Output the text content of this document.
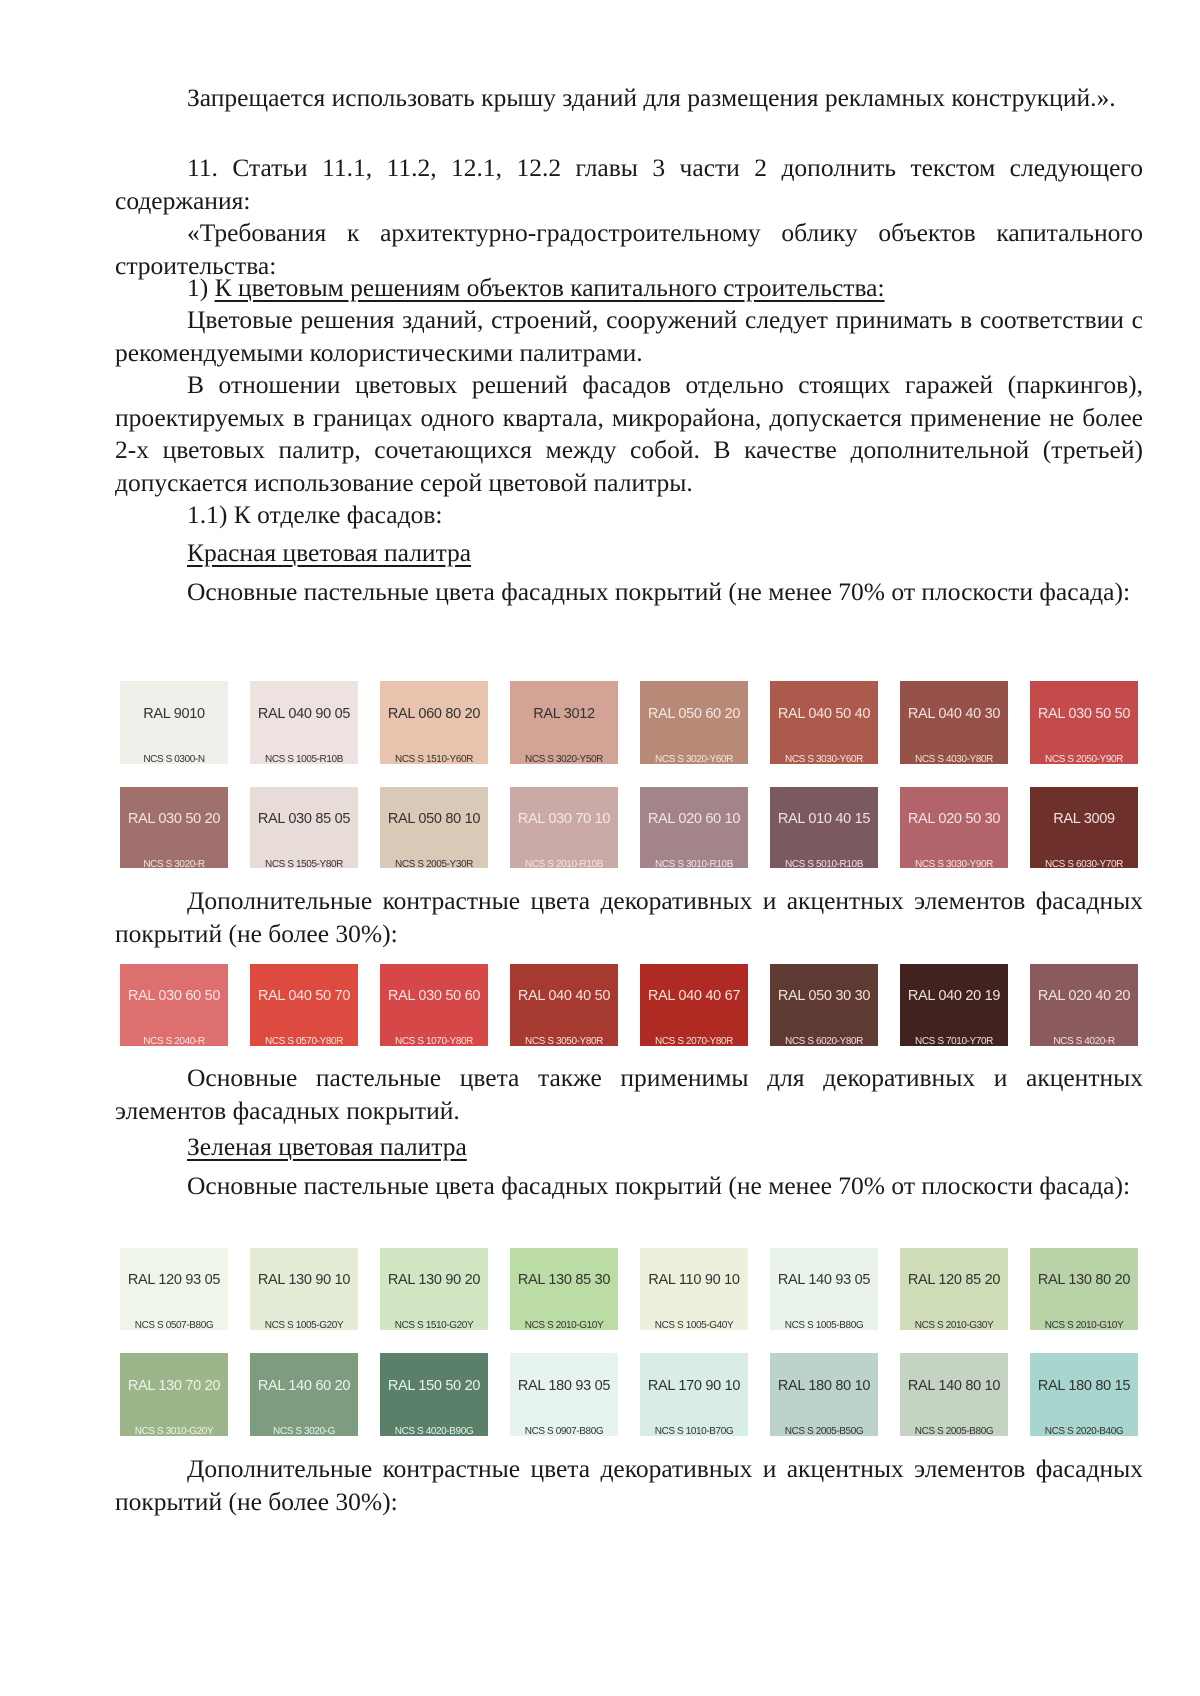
Запрещается использовать крышу зданий для размещения рекламных конструкций.».

11. Статьи 11.1, 11.2, 12.1, 12.2 главы 3 части 2 дополнить текстом следующего содержания:

«Требования к архитектурно-градостроительному облику объектов капитального строительства:

1) К цветовым решениям объектов капитального строительства:

Цветовые решения зданий, строений, сооружений следует принимать в соответствии с рекомендуемыми колористическими палитрами.

В отношении цветовых решений фасадов отдельно стоящих гаражей (паркингов), проектируемых в границах одного квартала, микрорайона, допускается применение не более 2-х цветовых палитр, сочетающихся между собой. В качестве дополнительной (третьей) допускается использование серой цветовой палитры.

1.1) К отделке фасадов:

Красная цветовая палитра

Основные пастельные цвета фасадных покрытий (не менее 70% от плоскости фасада):

RAL 9010
NCS S 0300-N
RAL 040 90 05
NCS S 1005-R10B
RAL 060 80 20
NCS S 1510-Y60R
RAL 3012
NCS S 3020-Y50R
RAL 050 60 20
NCS S 3020-Y60R
RAL 040 50 40
NCS S 3030-Y60R
RAL 040 40 30
NCS S 4030-Y80R
RAL 030 50 50
NCS S 2050-Y90R
RAL 030 50 20
NCS S 3020-R
RAL 030 85 05
NCS S 1505-Y80R
RAL 050 80 10
NCS S 2005-Y30R
RAL 030 70 10
NCS S 2010-R10B
RAL 020 60 10
NCS S 3010-R10B
RAL 010 40 15
NCS S 5010-R10B
RAL 020 50 30
NCS S 3030-Y90R
RAL 3009
NCS S 6030-Y70R

Дополнительные контрастные цвета декоративных и акцентных элементов фасадных покрытий (не более 30%):

RAL 030 60 50
NCS S 2040-R
RAL 040 50 70
NCS S 0570-Y80R
RAL 030 50 60
NCS S 1070-Y80R
RAL 040 40 50
NCS S 3050-Y80R
RAL 040 40 67
NCS S 2070-Y80R
RAL 050 30 30
NCS S 6020-Y80R
RAL 040 20 19
NCS S 7010-Y70R
RAL 020 40 20
NCS S 4020-R

Основные пастельные цвета также применимы для декоративных и акцентных элементов фасадных покрытий.

Зеленая цветовая палитра

Основные пастельные цвета фасадных покрытий (не менее 70% от плоскости фасада):

RAL 120 93 05
NCS S 0507-B80G
RAL 130 90 10
NCS S 1005-G20Y
RAL 130 90 20
NCS S 1510-G20Y
RAL 130 85 30
NCS S 2010-G10Y
RAL 110 90 10
NCS S 1005-G40Y
RAL 140 93 05
NCS S 1005-B80G
RAL 120 85 20
NCS S 2010-G30Y
RAL 130 80 20
NCS S 2010-G10Y
RAL 130 70 20
NCS S 3010-G20Y
RAL 140 60 20
NCS S 3020-G
RAL 150 50 20
NCS S 4020-B90G
RAL 180 93 05
NCS S 0907-B80G
RAL 170 90 10
NCS S 1010-B70G
RAL 180 80 10
NCS S 2005-B50G
RAL 140 80 10
NCS S 2005-B80G
RAL 180 80 15
NCS S 2020-B40G

Дополнительные контрастные цвета декоративных и акцентных элементов фасадных покрытий (не более 30%):
